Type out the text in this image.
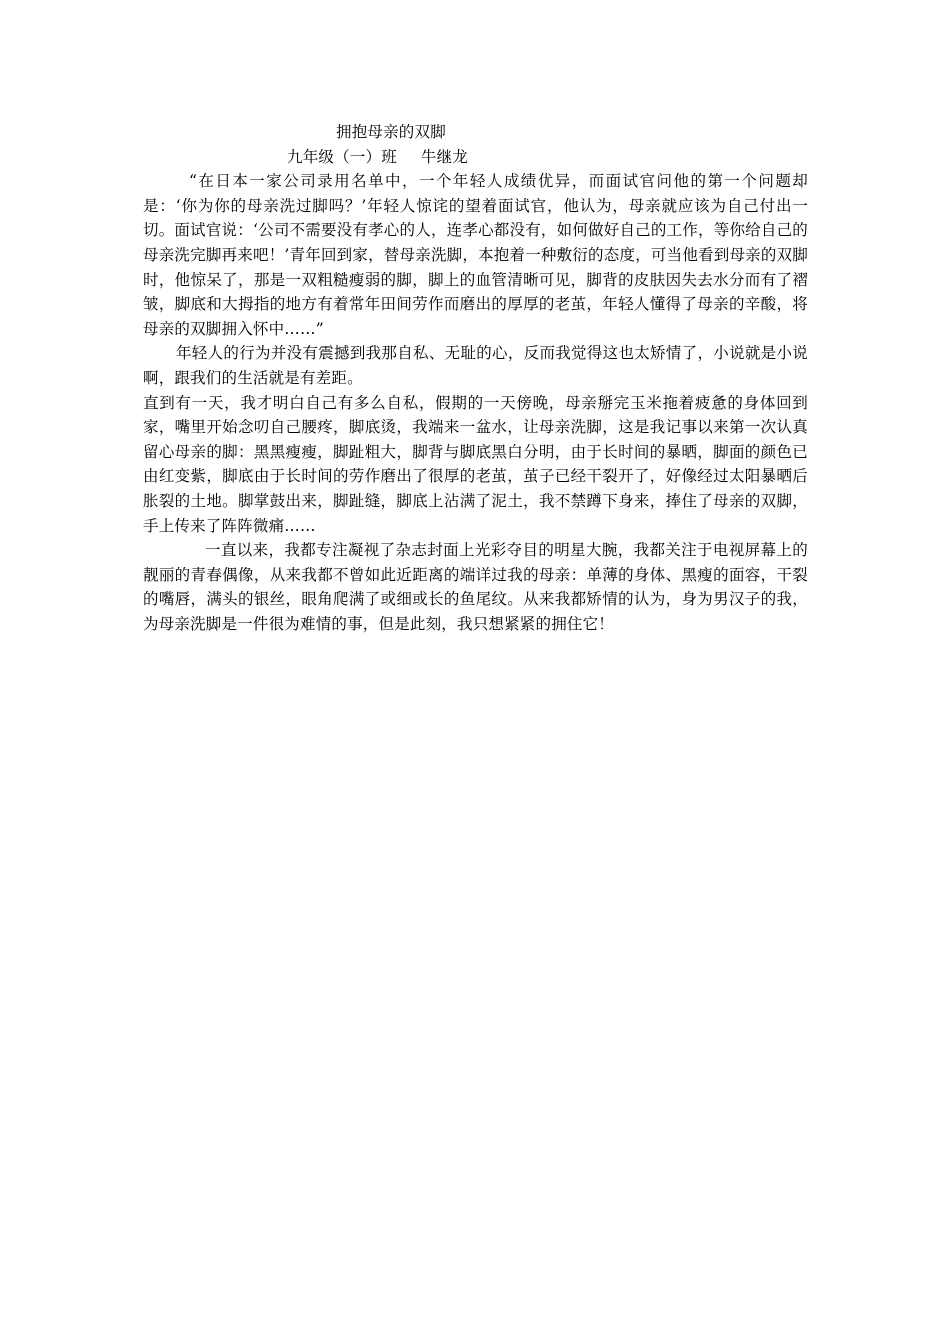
拥抱母亲的双脚
九年级（一）班 牛继龙

“在日本一家公司录用名单中，一个年轻人成绩优异，而面试官问他的第一个问题却是：‘你为你的母亲洗过脚吗？’年轻人惊诧的望着面试官，他认为，母亲就应该为自己付出一切。面试官说：‘公司不需要没有孝心的人，连孝心都没有，如何做好自己的工作，等你给自己的母亲洗完脚再来吧！’青年回到家，替母亲洗脚，本抱着一种敷衍的态度，可当他看到母亲的双脚时，他惊呆了，那是一双粗糙瘦弱的脚，脚上的血管清晰可见，脚背的皮肤因失去水分而有了褶皱，脚底和大拇指的地方有着常年田间劳作而磨出的厚厚的老茧，年轻人懂得了母亲的辛酸，将母亲的双脚拥入怀中……”

年轻人的行为并没有震撼到我那自私、无耻的心，反而我觉得这也太矫情了，小说就是小说啊，跟我们的生活就是有差距。

直到有一天，我才明白自己有多么自私，假期的一天傍晚，母亲掰完玉米拖着疲惫的身体回到家，嘴里开始念叨自己腰疼，脚底烫，我端来一盆水，让母亲洗脚，这是我记事以来第一次认真留心母亲的脚：黑黑瘦瘦，脚趾粗大，脚背与脚底黑白分明，由于长时间的暴晒，脚面的颜色已由红变紫，脚底由于长时间的劳作磨出了很厚的老茧，茧子已经干裂开了，好像经过太阳暴晒后胀裂的土地。脚掌鼓出来，脚趾缝，脚底上沾满了泥土，我不禁蹲下身来，捧住了母亲的双脚，手上传来了阵阵微痛……

一直以来，我都专注凝视了杂志封面上光彩夺目的明星大腕，我都关注于电视屏幕上的靓丽的青春偶像，从来我都不曾如此近距离的端详过我的母亲：单薄的身体、黑瘦的面容，干裂的嘴唇，满头的银丝，眼角爬满了或细或长的鱼尾纹。从来我都矫情的认为，身为男汉子的我，为母亲洗脚是一件很为难情的事，但是此刻，我只想紧紧的拥住它！
